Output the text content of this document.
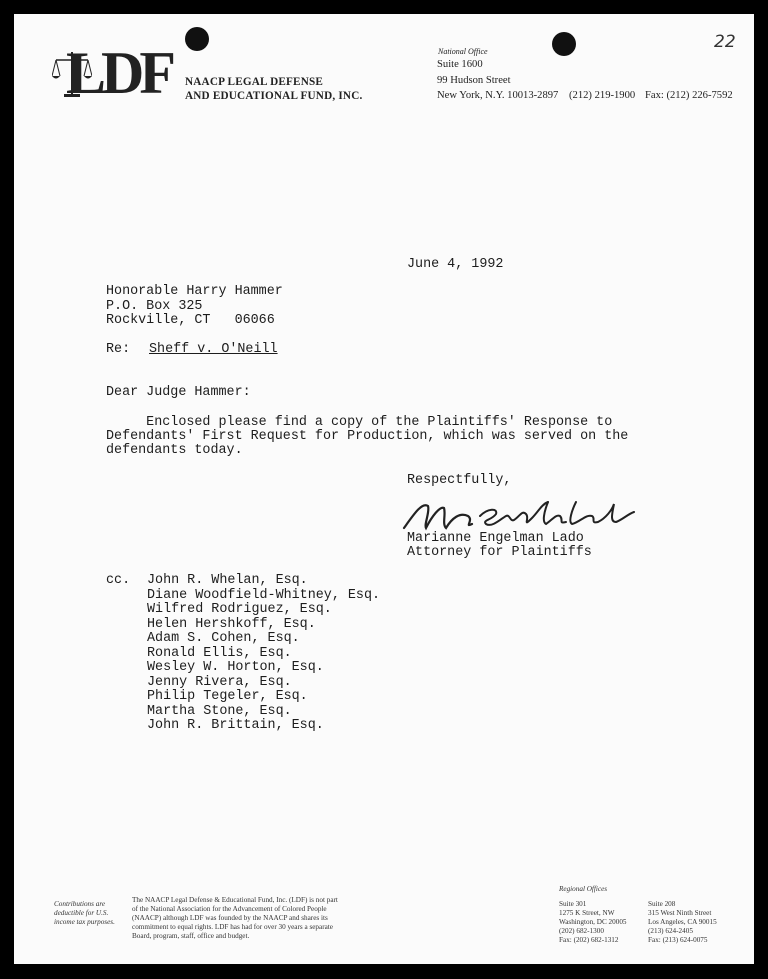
22
LDF NAACP LEGAL DEFENSE
AND EDUCATIONAL FUND, INC.
National Office
Suite 1600
99 Hudson Street
New York, N.Y. 10013-2897 (212) 219-1900 Fax: (212) 226-7592
June 4, 1992
Honorable Harry Hammer
P.O. Box 325
Rockville, CT   06066
Re: Sheff v. O'Neill
Dear Judge Hammer:
Enclosed please find a copy of the Plaintiffs' Response to
Defendants' First Request for Production, which was served on the
defendants today.
Respectfully,
Marianne Engelman Lado
Attorney for Plaintiffs
cc. John R. Whelan, Esq.
Diane Woodfield-Whitney, Esq.
Wilfred Rodriguez, Esq.
Helen Hershkoff, Esq.
Adam S. Cohen, Esq.
Ronald Ellis, Esq.
Wesley W. Horton, Esq.
Jenny Rivera, Esq.
Philip Tegeler, Esq.
Martha Stone, Esq.
John R. Brittain, Esq.
Contributions are
deductible for U.S.
income tax purposes.
The NAACP Legal Defense & Educational Fund, Inc. (LDF) is not part
of the National Association for the Advancement of Colored People
(NAACP) although LDF was founded by the NAACP and shares its
commitment to equal rights. LDF has had for over 30 years a separate
Board, program, staff, office and budget.
Regional Offices
Suite 301
1275 K Street, NW
Washington, DC 20005
(202) 682-1300
Fax: (202) 682-1312
Suite 208
315 West Ninth Street
Los Angeles, CA 90015
(213) 624-2405
Fax: (213) 624-0075
